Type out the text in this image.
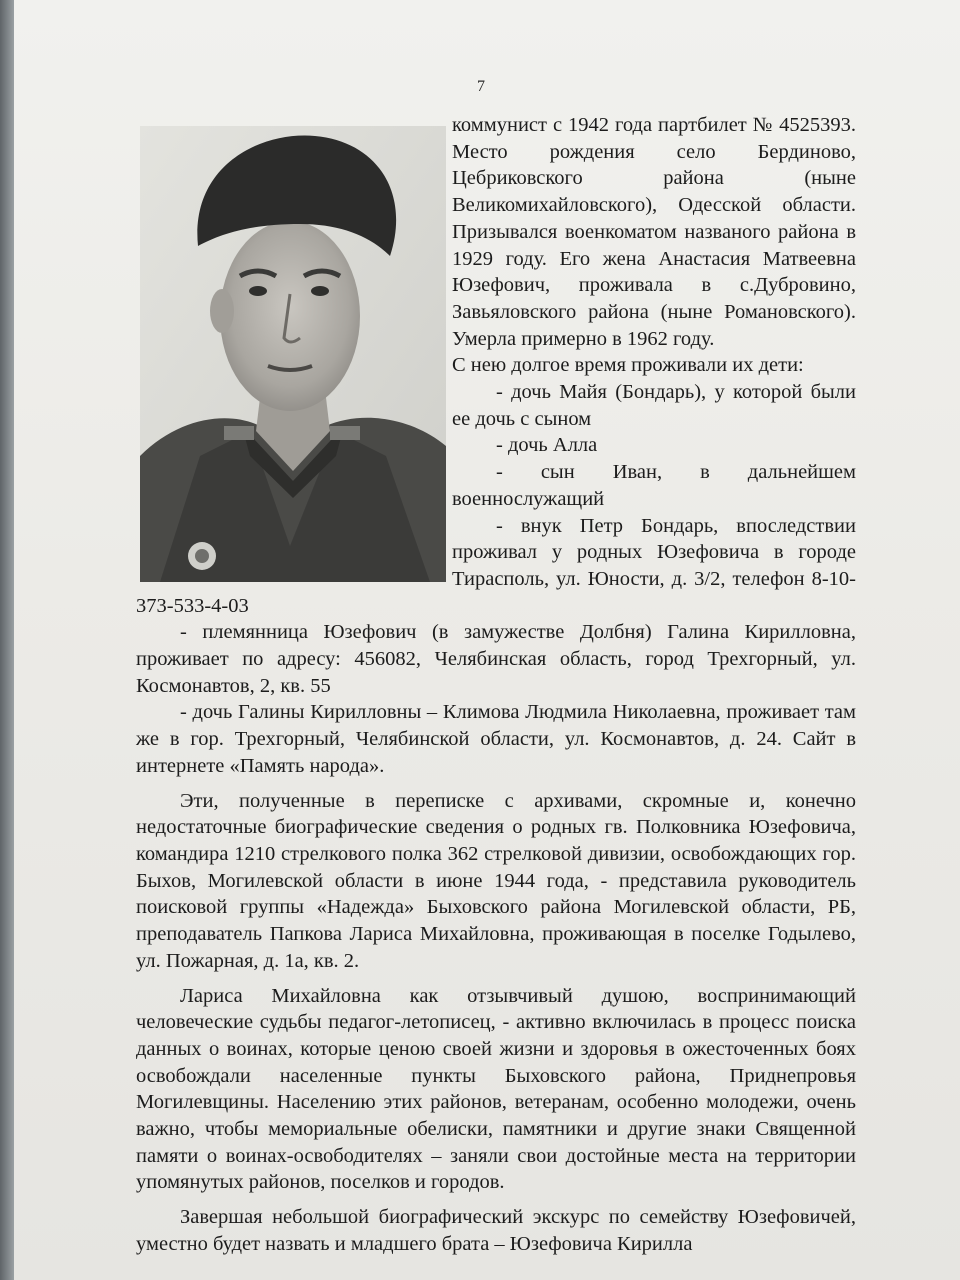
7

коммунист с 1942 года партбилет № 4525393. Место рождения село Бердиново, Цебриковского района (ныне Великомихайловского), Одесской области. Призывался военкоматом названого района в 1929 году. Его жена Анастасия Матвеевна Юзефович, проживала в с.Дубровино, Завьяловского района (ныне Романовского). Умерла примерно в 1962 году.

С нею долгое время проживали их дети:

- дочь Майя (Бондарь), у которой были ее дочь с сыном
- дочь Алла
- сын Иван, в дальнейшем военнослужащий
- внук Петр Бондарь, впоследствии проживал у родных Юзефовича в городе Тирасполь, ул. Юности, д. 3/2, телефон 8-10-373-533-4-03

- племянница Юзефович (в замужестве Долбня) Галина Кирилловна, проживает по адресу: 456082, Челябинская область, город Трехгорный, ул. Космонавтов, 2, кв. 55

- дочь Галины Кирилловны – Климова Людмила Николаевна, проживает там же в гор. Трехгорный, Челябинской области, ул. Космонавтов, д. 24. Сайт в интернете «Память народа».

Эти, полученные в переписке с архивами, скромные и, конечно недостаточные биографические сведения о родных гв. Полковника Юзефовича, командира 1210 стрелкового полка 362 стрелковой дивизии, освобождающих гор. Быхов, Могилевской области в июне 1944 года, - представила руководитель поисковой группы «Надежда» Быховского района Могилевской области, РБ, преподаватель Папкова Лариса Михайловна, проживающая в поселке Годылево, ул. Пожарная, д. 1а, кв. 2.

Лариса Михайловна как отзывчивый душою, воспринимающий человеческие судьбы педагог-летописец, - активно включилась в процесс поиска данных о воинах, которые ценою своей жизни и здоровья в ожесточенных боях освобождали населенные пункты Быховского района, Приднепровья Могилевщины. Населению этих районов, ветеранам, особенно молодежи, очень важно, чтобы мемориальные обелиски, памятники и другие знаки Священной памяти о воинах-освободителях – заняли свои достойные места на территории упомянутых районов, поселков и городов.

Завершая небольшой биографический экскурс по семейству Юзефовичей, уместно будет назвать и младшего брата – Юзефовича Кирилла
